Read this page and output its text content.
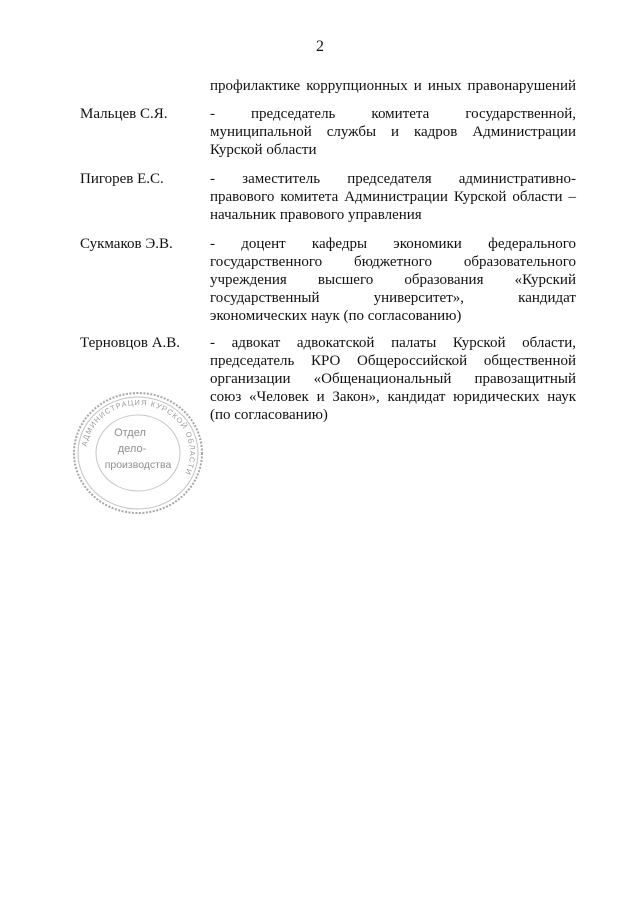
2
профилактике коррупционных и иных правонарушений
Мальцев С.Я.	- председатель комитета государственной,
муниципальной службы и кадров Администрации
Курской области
Пигорев Е.С.	- заместитель председателя административно-
правового комитета Администрации Курской области –
начальник правового управления
Сукмаков Э.В. - доцент кафедры экономики федерального
государственного бюджетного образовательного
учреждения высшего образования «Курский
государственный университет», кандидат
экономических наук (по согласованию)
Терновцов А.В. - адвокат адвокатской палаты Курской области,
председатель КРО Общероссийской общественной
организации «Общенациональный правозащитный
союз «Человек и Закон», кандидат юридических наук
(по согласованию)
АДМИНИСТРАЦИЯ КУРСКОЙ ОБЛАСТИ
Отдел
дело-
производства
